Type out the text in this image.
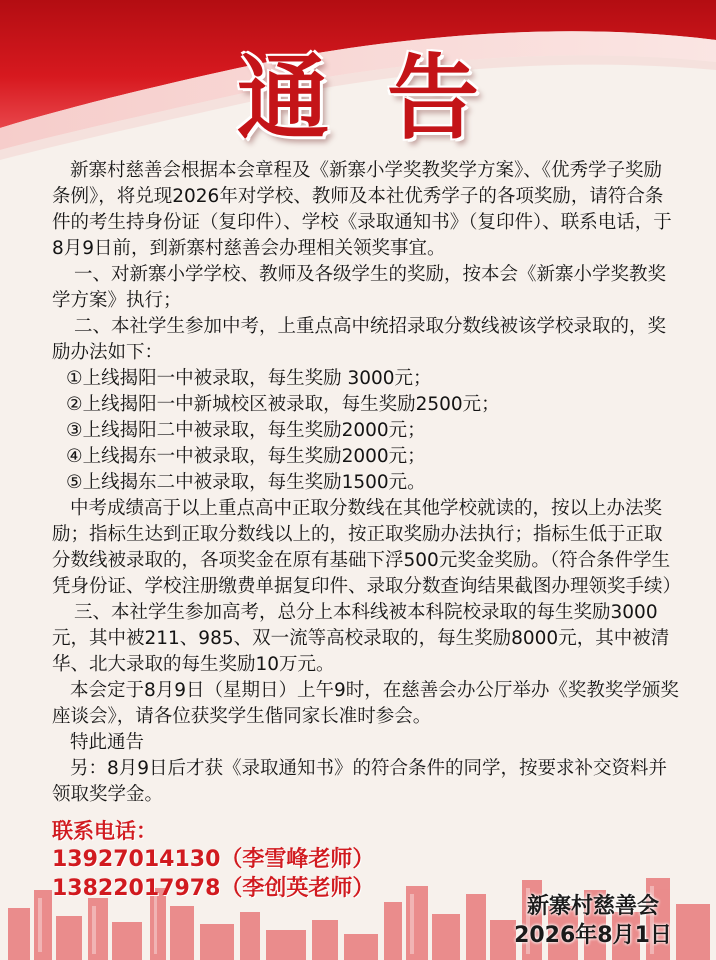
通告

新寨村慈善会根据本会章程及《新寨小学奖教奖学方案》、《优秀学子奖励条例》，将兑现2026年对学校、教师及本社优秀学子的各项奖励，请符合条件的考生持身份证（复印件）、学校《录取通知书》（复印件）、联系电话，于8月9日前，到新寨村慈善会办理相关领奖事宜。

一、对新寨小学学校、教师及各级学生的奖励，按本会《新寨小学奖教奖学方案》执行；

二、本社学生参加中考，上重点高中统招录取分数线被该学校录取的，奖励办法如下：

①上线揭阳一中被录取，每生奖励 3000元；

②上线揭阳一中新城校区被录取，每生奖励2500元；

③上线揭阳二中被录取，每生奖励2000元；

④上线揭东一中被录取，每生奖励2000元；

⑤上线揭东二中被录取，每生奖励1500元。

中考成绩高于以上重点高中正取分数线在其他学校就读的，按以上办法奖励；指标生达到正取分数线以上的，按正取奖励办法执行；指标生低于正取分数线被录取的，各项奖金在原有基础下浮500元奖金奖励。（符合条件学生凭身份证、学校注册缴费单据复印件、录取分数查询结果截图办理领奖手续）

三、本社学生参加高考，总分上本科线被本科院校录取的每生奖励3000元，其中被211、985、双一流等高校录取的，每生奖励8000元，其中被清华、北大录取的每生奖励10万元。

本会定于8月9日（星期日）上午9时，在慈善会办公厅举办《奖教奖学颁奖座谈会》，请各位获奖学生偕同家长准时参会。

特此通告

另：8月9日后才获《录取通知书》的符合条件的同学，按要求补交资料并领取奖学金。

联系电话：
13927014130（李雪峰老师）
13822017978（李创英老师）
新寨村慈善会
2026年8月1日
